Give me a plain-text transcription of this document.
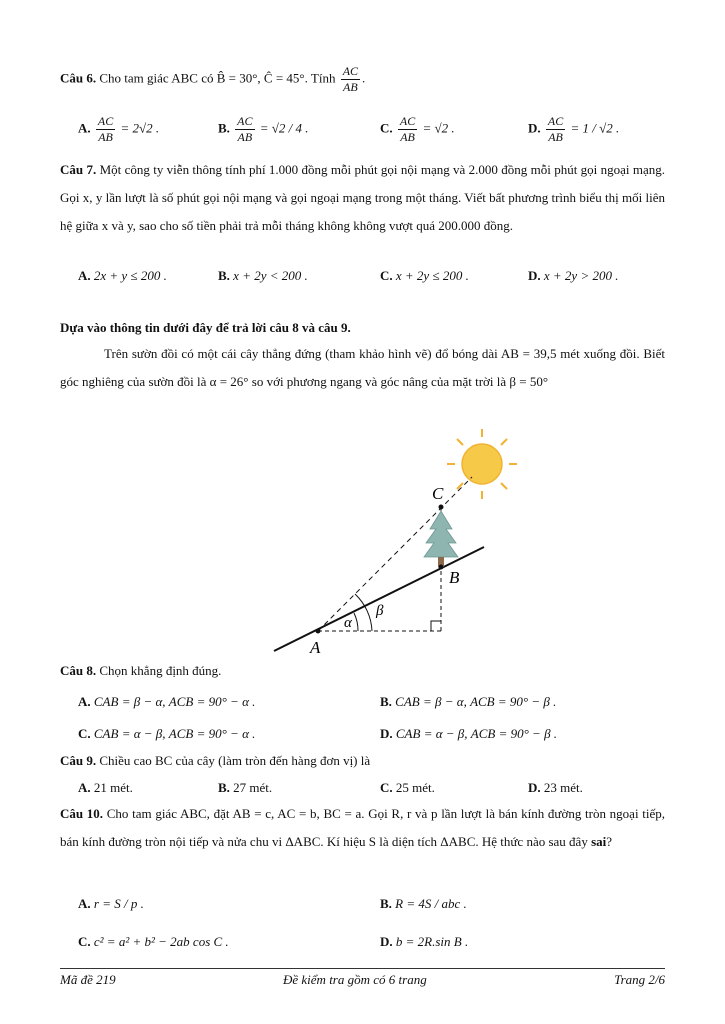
Câu 6. Cho tam giác ABC có B̂ = 30°, Ĉ = 45°. Tính $\frac{AC}{AB}$ .
A. $\frac{AC}{AB} = 2√2$ .	B. $\frac{AC}{AB} = √2 / 4$ .	C. $\frac{AC}{AB} = √2$ .	D. $\frac{AC}{AB} = 1 / √2$ .
Câu 7. Một công ty viễn thông tính phí 1.000 đồng mỗi phút gọi nội mạng và 2.000 đồng mỗi phút gọi ngoại mạng. Gọi x, y lần lượt là số phút gọi nội mạng và gọi ngoại mạng trong một tháng. Viết bất phương trình biểu thị mối liên hệ giữa x và y, sao cho số tiền phải trả mỗi tháng không không vượt quá 200.000 đồng.
A. 2x + y ≤ 200 .	B. x + 2y < 200 .	C. x + 2y ≤ 200 .	D. x + 2y > 200 .
Dựa vào thông tin dưới đây để trả lời câu 8 và câu 9.
Trên sườn đồi có một cái cây thẳng đứng (tham khảo hình vẽ) đổ bóng dài AB = 39,5 mét xuống đồi. Biết góc nghiêng của sườn đồi là α = 26° so với phương ngang và góc nâng của mặt trời là β = 50°
A
B
C
α
β
Câu 8. Chọn khẳng định đúng.
A. CAB = β − α, ACB = 90° − α .	B. CAB = β − α, ACB = 90° − β .
C. CAB = α − β, ACB = 90° − α .	D. CAB = α − β, ACB = 90° − β .
Câu 9. Chiều cao BC của cây (làm tròn đến hàng đơn vị) là
A. 21 mét.	B. 27 mét.	C. 25 mét.	D. 23 mét.
Câu 10. Cho tam giác ABC, đặt AB = c, AC = b, BC = a. Gọi R, r và p lần lượt là bán kính đường tròn ngoại tiếp, bán kính đường tròn nội tiếp và nửa chu vi ΔABC. Kí hiệu S là diện tích ΔABC. Hệ thức nào sau đây sai?
A. r = S / p .	B. R = 4S / abc .
C. c² = a² + b² − 2ab cos C .	D. b = 2R.sin B .
Mã đề 219	Đề kiểm tra gồm có 6 trang	Trang 2/6
